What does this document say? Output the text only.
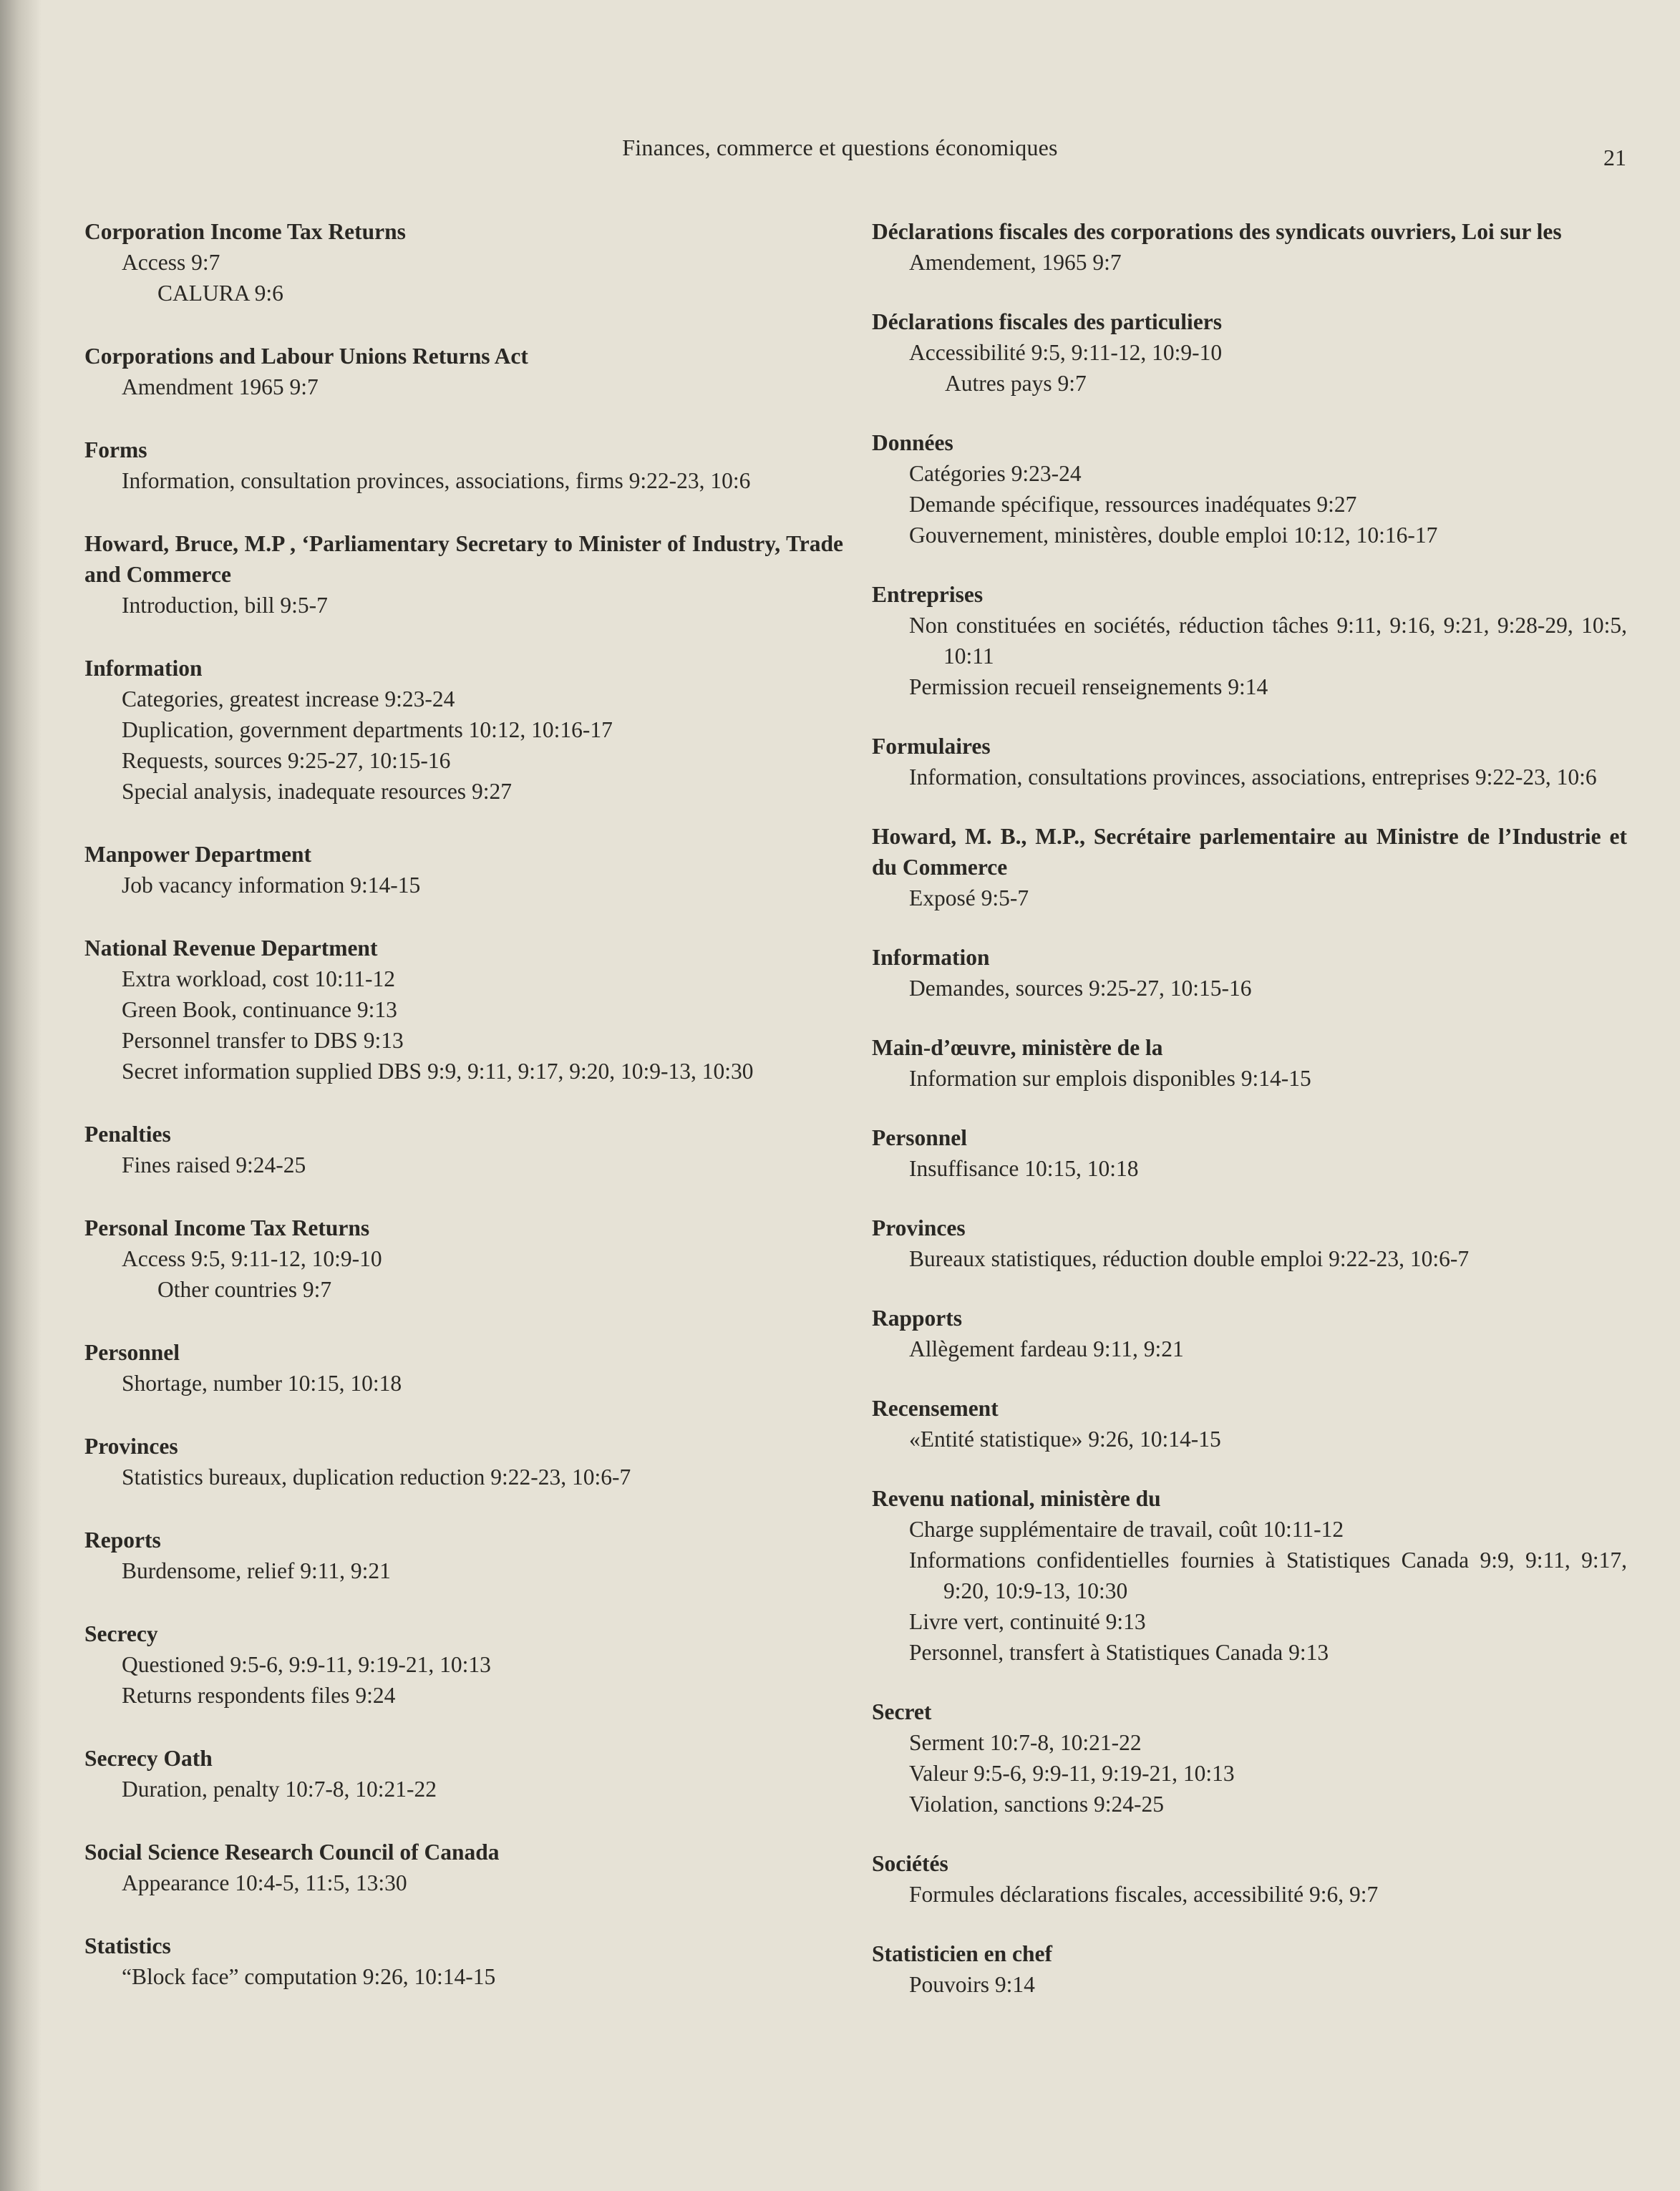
Finances, commerce et questions économiques	21
Corporation Income Tax Returns
Access 9:7
CALURA 9:6
Corporations and Labour Unions Returns Act
Amendment 1965 9:7
Forms
Information, consultation provinces, associations, firms 9:22-23, 10:6
Howard, Bruce, M.P , ‘Parliamentary Secretary to Minister of Industry, Trade and Commerce
Introduction, bill 9:5-7
Information
Categories, greatest increase 9:23-24
Duplication, government departments 10:12, 10:16-17
Requests, sources 9:25-27, 10:15-16
Special analysis, inadequate resources 9:27
Manpower Department
Job vacancy information 9:14-15
National Revenue Department
Extra workload, cost 10:11-12
Green Book, continuance 9:13
Personnel transfer to DBS 9:13
Secret information supplied DBS 9:9, 9:11, 9:17, 9:20, 10:9-13, 10:30
Penalties
Fines raised 9:24-25
Personal Income Tax Returns
Access 9:5, 9:11-12, 10:9-10
Other countries 9:7
Personnel
Shortage, number 10:15, 10:18
Provinces
Statistics bureaux, duplication reduction 9:22-23, 10:6-7
Reports
Burdensome, relief 9:11, 9:21
Secrecy
Questioned 9:5-6, 9:9-11, 9:19-21, 10:13
Returns respondents files 9:24
Secrecy Oath
Duration, penalty 10:7-8, 10:21-22
Social Science Research Council of Canada
Appearance 10:4-5, 11:5, 13:30
Statistics
“Block face” computation 9:26, 10:14-15
Déclarations fiscales des corporations des syndicats ouvriers, Loi sur les
Amendement, 1965 9:7
Déclarations fiscales des particuliers
Accessibilité 9:5, 9:11-12, 10:9-10
Autres pays 9:7
Données
Catégories 9:23-24
Demande spécifique, ressources inadéquates 9:27
Gouvernement, ministères, double emploi 10:12, 10:16-17
Entreprises
Non constituées en sociétés, réduction tâches 9:11, 9:16, 9:21, 9:28-29, 10:5, 10:11
Permission recueil renseignements 9:14
Formulaires
Information, consultations provinces, associations, entreprises 9:22-23, 10:6
Howard, M. B., M.P., Secrétaire parlementaire au Ministre de l’Industrie et du Commerce
Exposé 9:5-7
Information
Demandes, sources 9:25-27, 10:15-16
Main-d’œuvre, ministère de la
Information sur emplois disponibles 9:14-15
Personnel
Insuffisance 10:15, 10:18
Provinces
Bureaux statistiques, réduction double emploi 9:22-23, 10:6-7
Rapports
Allègement fardeau 9:11, 9:21
Recensement
«Entité statistique» 9:26, 10:14-15
Revenu national, ministère du
Charge supplémentaire de travail, coût 10:11-12
Informations confidentielles fournies à Statistiques Canada 9:9, 9:11, 9:17, 9:20, 10:9-13, 10:30
Livre vert, continuité 9:13
Personnel, transfert à Statistiques Canada 9:13
Secret
Serment 10:7-8, 10:21-22
Valeur 9:5-6, 9:9-11, 9:19-21, 10:13
Violation, sanctions 9:24-25
Sociétés
Formules déclarations fiscales, accessibilité 9:6, 9:7
Statisticien en chef
Pouvoirs 9:14
